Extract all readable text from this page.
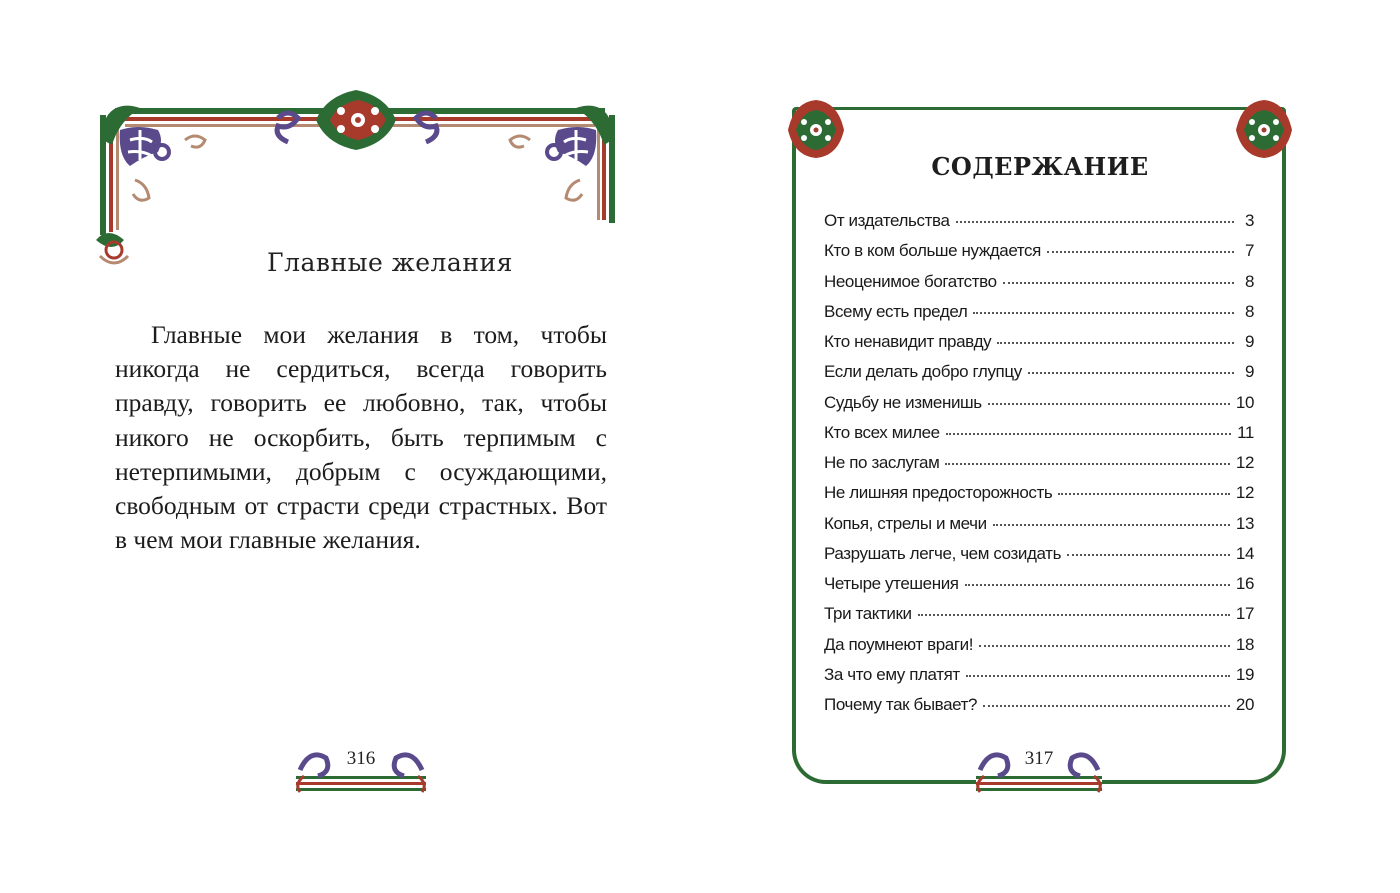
Главные желания

Главные мои желания в том, чтобы никогда не сердиться, всегда говорить правду, говорить ее любовно, так, чтобы никого не оскорбить, быть терпимым с нетерпимыми, добрым с осуждающими, свободным от страсти среди страстных. Вот в чем мои главные желания.

316
СОДЕРЖАНИЕ
От издательства	3
Кто в ком больше нуждается	7
Неоценимое богатство	8
Всему есть предел	8
Кто ненавидит правду	9
Если делать добро глупцу	9
Судьбу не изменишь	10
Кто всех милее	11
Не по заслугам	12
Не лишняя предосторожность	12
Копья, стрелы и мечи	13
Разрушать легче, чем созидать	14
Четыре утешения	16
Три тактики	17
Да поумнеют враги!	18
За что ему платят	19
Почему так бывает?	20
317
